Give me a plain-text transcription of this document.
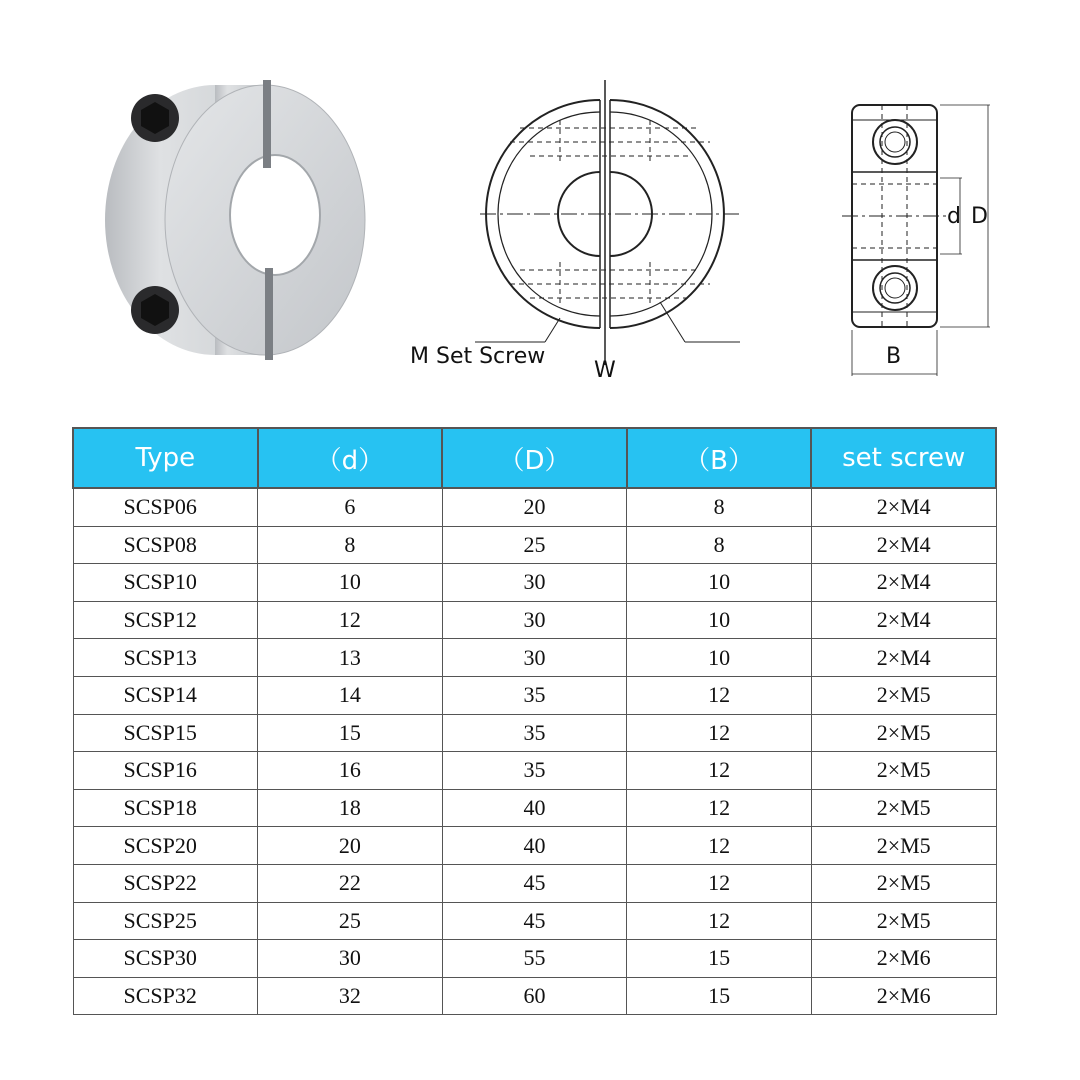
M Set Screw
W
d D
B
Type	（d）	（D）	（B）	set screw
SCSP06	6	20	8	2×M4
SCSP08	8	25	8	2×M4
SCSP10	10	30	10	2×M4
SCSP12	12	30	10	2×M4
SCSP13	13	30	10	2×M4
SCSP14	14	35	12	2×M5
SCSP15	15	35	12	2×M5
SCSP16	16	35	12	2×M5
SCSP18	18	40	12	2×M5
SCSP20	20	40	12	2×M5
SCSP22	22	45	12	2×M5
SCSP25	25	45	12	2×M5
SCSP30	30	55	15	2×M6
SCSP32	32	60	15	2×M6
